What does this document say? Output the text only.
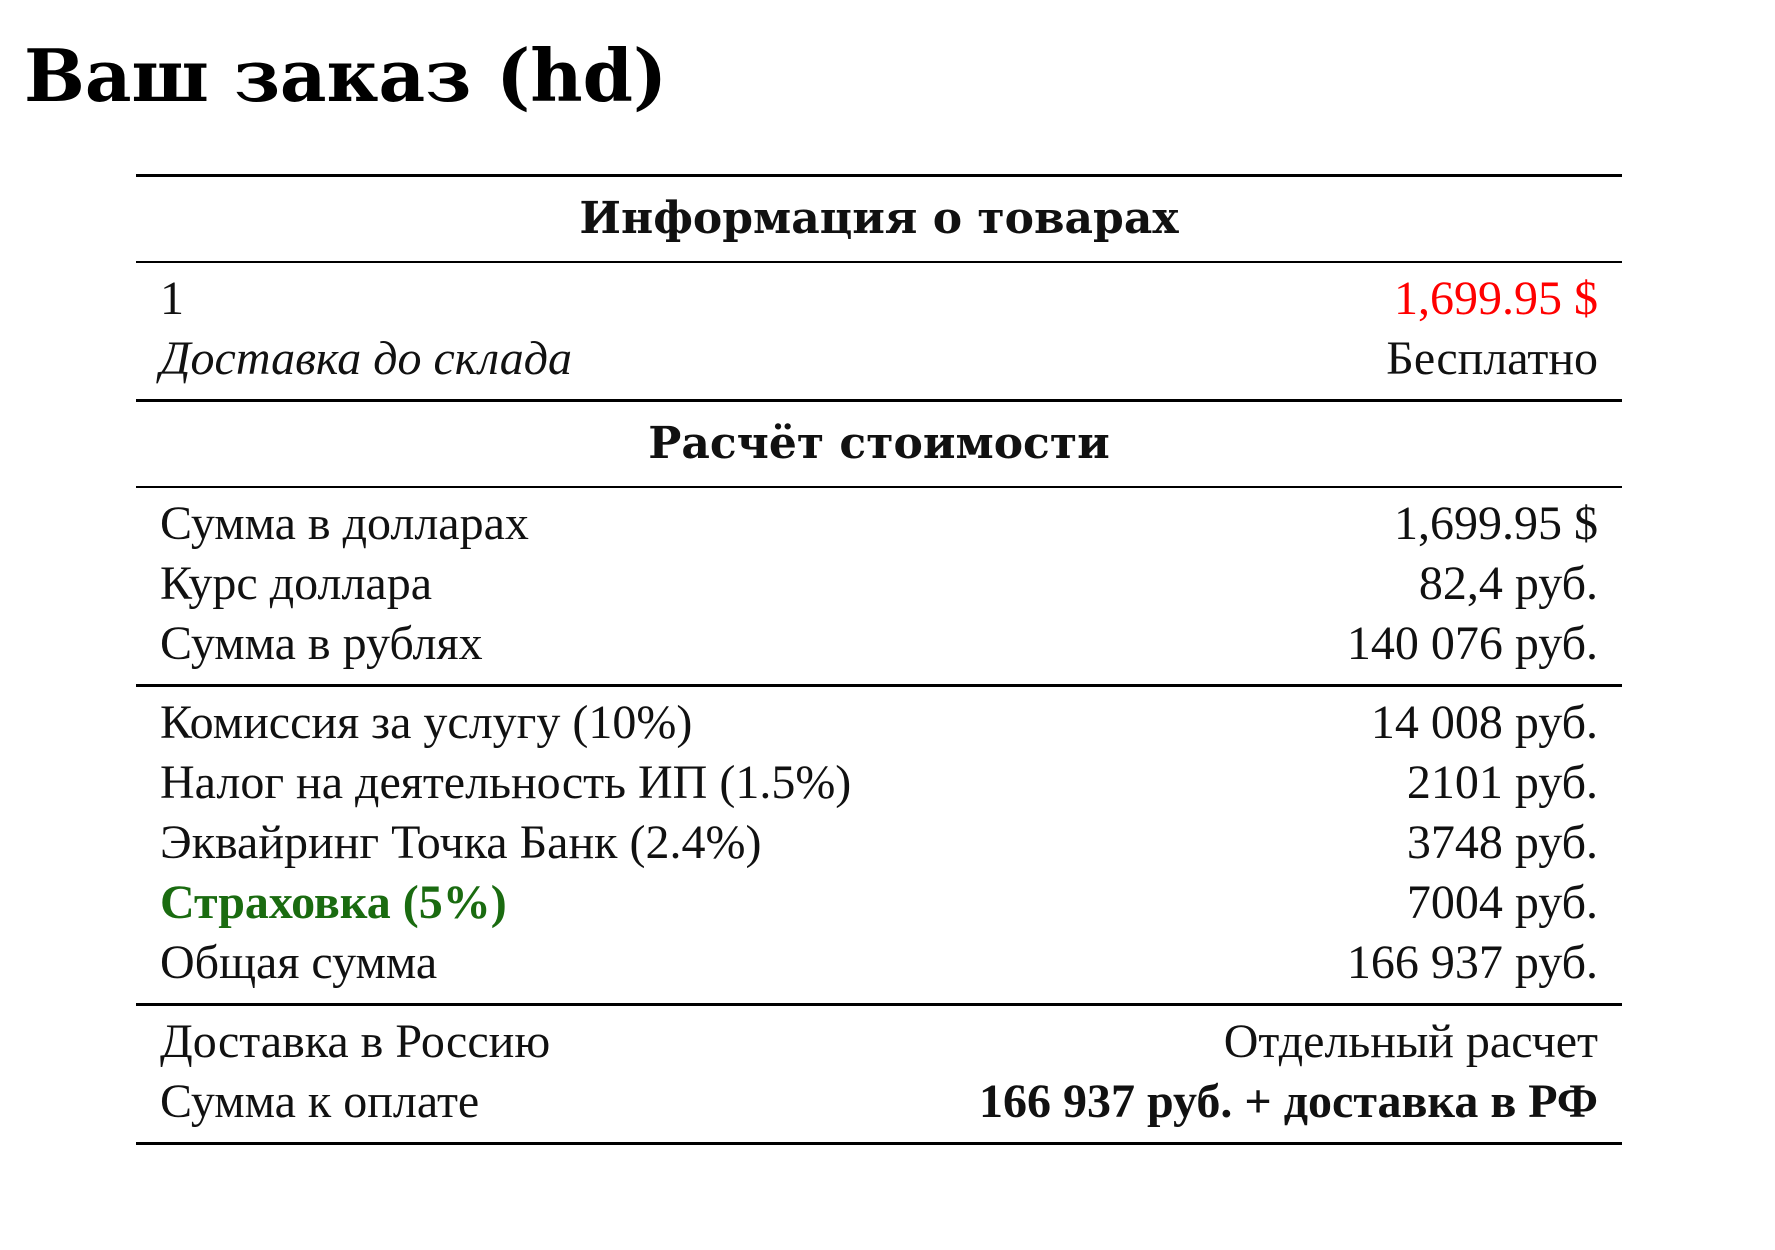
Ваш заказ (hd)
Информация о товарах
1	1,699.95 $
Доставка до склада	Бесплатно
Расчёт стоимости
Сумма в долларах	1,699.95 $
Курс доллара	82,4 руб.
Сумма в рублях	140 076 руб.
Комиссия за услугу (10%)	14 008 руб.
Налог на деятельность ИП (1.5%)	2101 руб.
Эквайринг Точка Банк (2.4%)	3748 руб.
Страховка (5%)	7004 руб.
Общая сумма	166 937 руб.
Доставка в Россию	Отдельный расчет
Сумма к оплате	166 937 руб. + доставка в РФ
